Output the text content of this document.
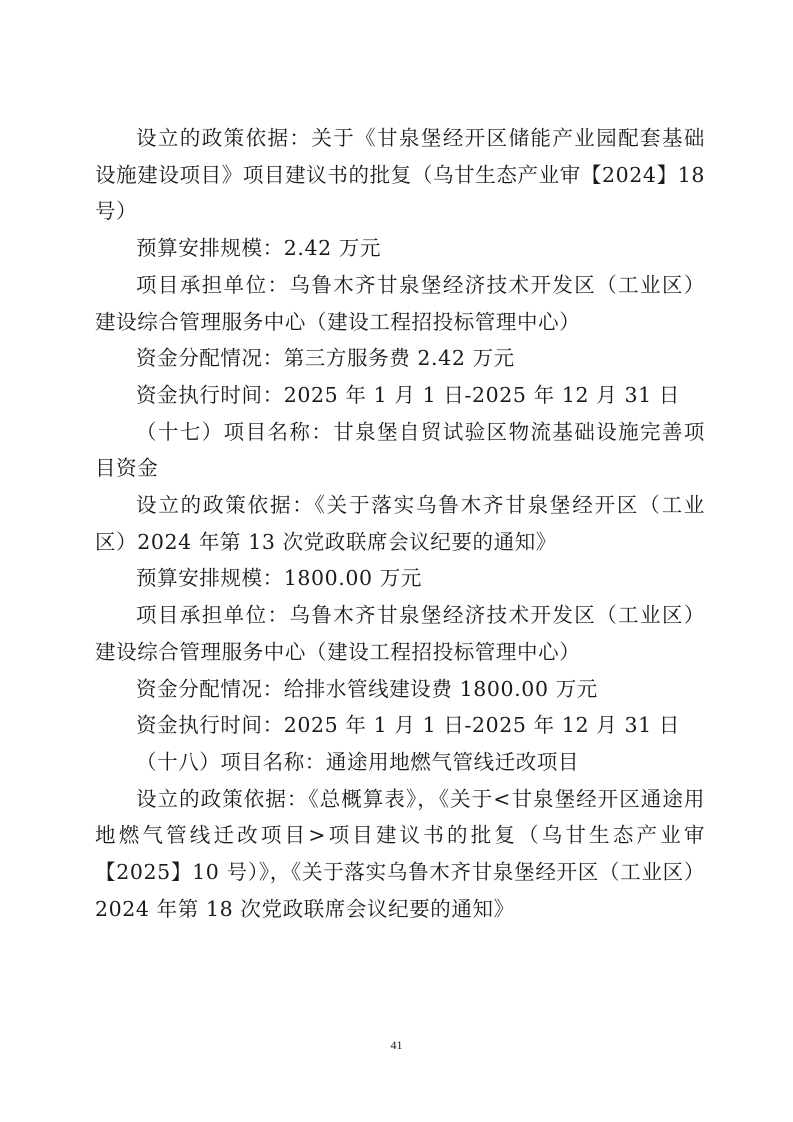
设立的政策依据：关于《甘泉堡经开区储能产业园配套基础设施建设项目》项目建议书的批复（乌甘生态产业审【2024】18号）

预算安排规模：2.42 万元

项目承担单位：乌鲁木齐甘泉堡经济技术开发区（工业区）建设综合管理服务中心（建设工程招投标管理中心）

资金分配情况：第三方服务费 2.42 万元

资金执行时间：2025 年 1 月 1 日-2025 年 12 月 31 日

（十七）项目名称：甘泉堡自贸试验区物流基础设施完善项目资金

设立的政策依据：《关于落实乌鲁木齐甘泉堡经开区（工业区）2024 年第 13 次党政联席会议纪要的通知》

预算安排规模：1800.00 万元

项目承担单位：乌鲁木齐甘泉堡经济技术开发区（工业区）建设综合管理服务中心（建设工程招投标管理中心）

资金分配情况：给排水管线建设费 1800.00 万元

资金执行时间：2025 年 1 月 1 日-2025 年 12 月 31 日

（十八）项目名称：通途用地燃气管线迁改项目

设立的政策依据：《总概算表》，《关于<甘泉堡经开区通途用地燃气管线迁改项目>项目建议书的批复（乌甘生态产业审【2025】10 号）》，《关于落实乌鲁木齐甘泉堡经开区（工业区）2024 年第 18 次党政联席会议纪要的通知》

41
